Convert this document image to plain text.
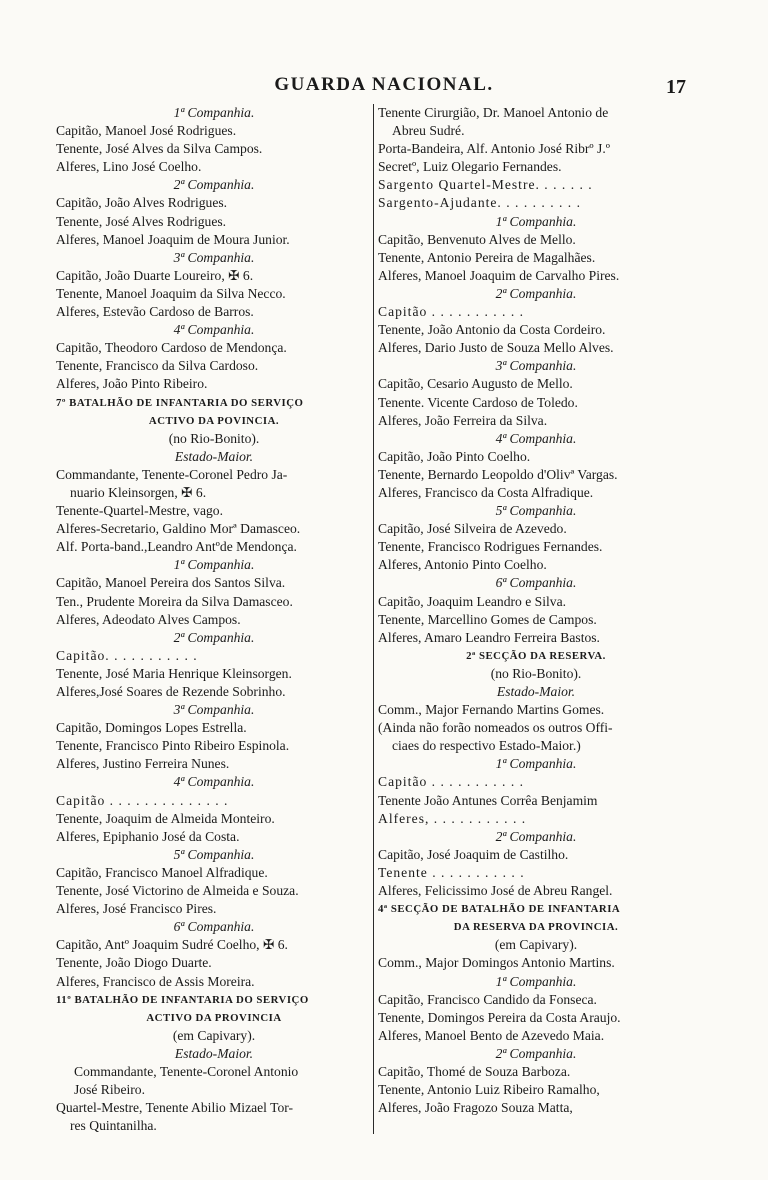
GUARDA NACIONAL.	17
1ª Companhia.
Capitão, Manoel José Rodrigues.
Tenente, José Alves da Silva Campos.
Alferes, Lino José Coelho.
2ª Companhia.
Capitão, João Alves Rodrigues.
Tenente, José Alves Rodrigues.
Alferes, Manoel Joaquim de Moura Junior.
3ª Companhia.
Capitão, João Duarte Loureiro, ✠ 6.
Tenente, Manoel Joaquim da Silva Necco.
Alferes, Estevão Cardoso de Barros.
4ª Companhia.
Capitão, Theodoro Cardoso de Mendonça.
Tenente, Francisco da Silva Cardoso.
Alferes, João Pinto Ribeiro.
7º BATALHÃO DE INFANTARIA DO SERVIÇO
ACTIVO DA POVINCIA.
(no Rio-Bonito).
Estado-Maior.
Commandante, Tenente-Coronel Pedro Ja-
nuario Kleinsorgen, ✠ 6.
Tenente-Quartel-Mestre, vago.
Alferes-Secretario, Galdino Morª Damasceo.
Alf. Porta-band.,Leandro Antºde Mendonça.
1ª Companhia.
Capitão, Manoel Pereira dos Santos Silva.
Ten., Prudente Moreira da Silva Damasceo.
Alferes, Adeodato Alves Campos.
2ª Companhia.
Capitão. . . . . . . . . . .
Tenente, José Maria Henrique Kleinsorgen.
Alferes,José Soares de Rezende Sobrinho.
3ª Companhia.
Capitão, Domingos Lopes Estrella.
Tenente, Francisco Pinto Ribeiro Espinola.
Alferes, Justino Ferreira Nunes.
4ª Companhia.
Capitão . . . . . . . . . . . . . .
Tenente, Joaquim de Almeida Monteiro.
Alferes, Epiphanio José da Costa.
5ª Companhia.
Capitão, Francisco Manoel Alfradique.
Tenente, José Victorino de Almeida e Souza.
Alferes, José Francisco Pires.
6ª Companhia.
Capitão, Antº Joaquim Sudré Coelho, ✠ 6.
Tenente, João Diogo Duarte.
Alferes, Francisco de Assis Moreira.
11º BATALHÃO DE INFANTARIA DO SERVIÇO
ACTIVO DA PROVINCIA
(em Capivary).
Estado-Maior.
Commandante, Tenente-Coronel Antonio
José Ribeiro.
Quartel-Mestre, Tenente Abilio Mizael Tor-
res Quintanilha.
Tenente Cirurgião, Dr. Manoel Antonio de
Abreu Sudré.
Porta-Bandeira, Alf. Antonio José Ribrº J.º
Secretº, Luiz Olegario Fernandes.
Sargento Quartel-Mestre. . . . . . .
Sargento-Ajudante. . . . . . . . . .
1ª Companhia.
Capitão, Benvenuto Alves de Mello.
Tenente, Antonio Pereira de Magalhães.
Alferes, Manoel Joaquim de Carvalho Pires.
2ª Companhia.
Capitão . . . . . . . . . . .
Tenente, João Antonio da Costa Cordeiro.
Alferes, Dario Justo de Souza Mello Alves.
3ª Companhia.
Capitão, Cesario Augusto de Mello.
Tenente. Vicente Cardoso de Toledo.
Alferes, João Ferreira da Silva.
4ª Companhia.
Capitão, João Pinto Coelho.
Tenente, Bernardo Leopoldo d'Olivª Vargas.
Alferes, Francisco da Costa Alfradique.
5ª Companhia.
Capitão, José Silveira de Azevedo.
Tenente, Francisco Rodrigues Fernandes.
Alferes, Antonio Pinto Coelho.
6ª Companhia.
Capitão, Joaquim Leandro e Silva.
Tenente, Marcellino Gomes de Campos.
Alferes, Amaro Leandro Ferreira Bastos.
2ª SECÇÃO DA RESERVA.
(no Rio-Bonito).
Estado-Maior.
Comm., Major Fernando Martins Gomes.
(Ainda não forão nomeados os outros Offi-
ciaes do respectivo Estado-Maior.)
1ª Companhia.
Capitão . . . . . . . . . . .
Tenente João Antunes Corrêa Benjamim
Alferes, . . . . . . . . . . .
2ª Companhia.
Capitão, José Joaquim de Castilho.
Tenente . . . . . . . . . . .
Alferes, Felicissimo José de Abreu Rangel.
4ª SECÇÃO DE BATALHÃO DE INFANTARIA
DA RESERVA DA PROVINCIA.
(em Capivary).
Comm., Major Domingos Antonio Martins.
1ª Companhia.
Capitão, Francisco Candido da Fonseca.
Tenente, Domingos Pereira da Costa Araujo.
Alferes, Manoel Bento de Azevedo Maia.
2ª Companhia.
Capitão, Thomé de Souza Barboza.
Tenente, Antonio Luiz Ribeiro Ramalho,
Alferes, João Fragozo Souza Matta,
